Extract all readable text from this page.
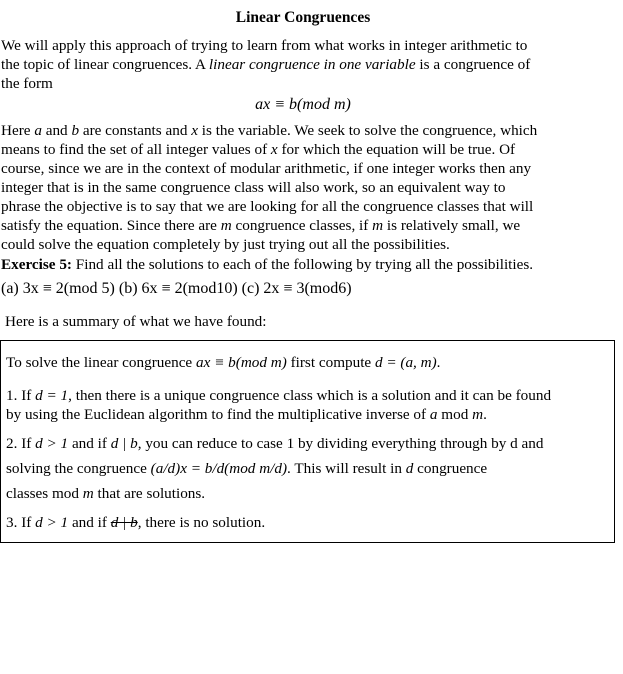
Linear Congruences
We will apply this approach of trying to learn from what works in integer arithmetic to
the topic of linear congruences. A linear congruence in one variable is a congruence of
the form
ax ≡ b(mod m)
Here a and b are constants and x is the variable. We seek to solve the congruence, which
means to find the set of all integer values of x for which the equation will be true. Of
course, since we are in the context of modular arithmetic, if one integer works then any
integer that is in the same congruence class will also work, so an equivalent way to
phrase the objective is to say that we are looking for all the congruence classes that will
satisfy the equation. Since there are m congruence classes, if m is relatively small, we
could solve the equation completely by just trying out all the possibilities.
Exercise 5: Find all the solutions to each of the following by trying all the possibilities.
(a) 3x ≡ 2(mod 5) (b) 6x ≡ 2(mod10) (c) 2x ≡ 3(mod6)
Here is a summary of what we have found:
To solve the linear congruence ax ≡ b(mod m) first compute d = (a, m).
1. If d = 1, then there is a unique congruence class which is a solution and it can be found
by using the Euclidean algorithm to find the multiplicative inverse of a mod m.
2. If d > 1 and if d | b, you can reduce to case 1 by dividing everything through by d and
solving the congruence (a/d)x = b/d(mod m/d). This will result in d congruence
classes mod m that are solutions.
3. If d > 1 and if d | b, there is no solution.
